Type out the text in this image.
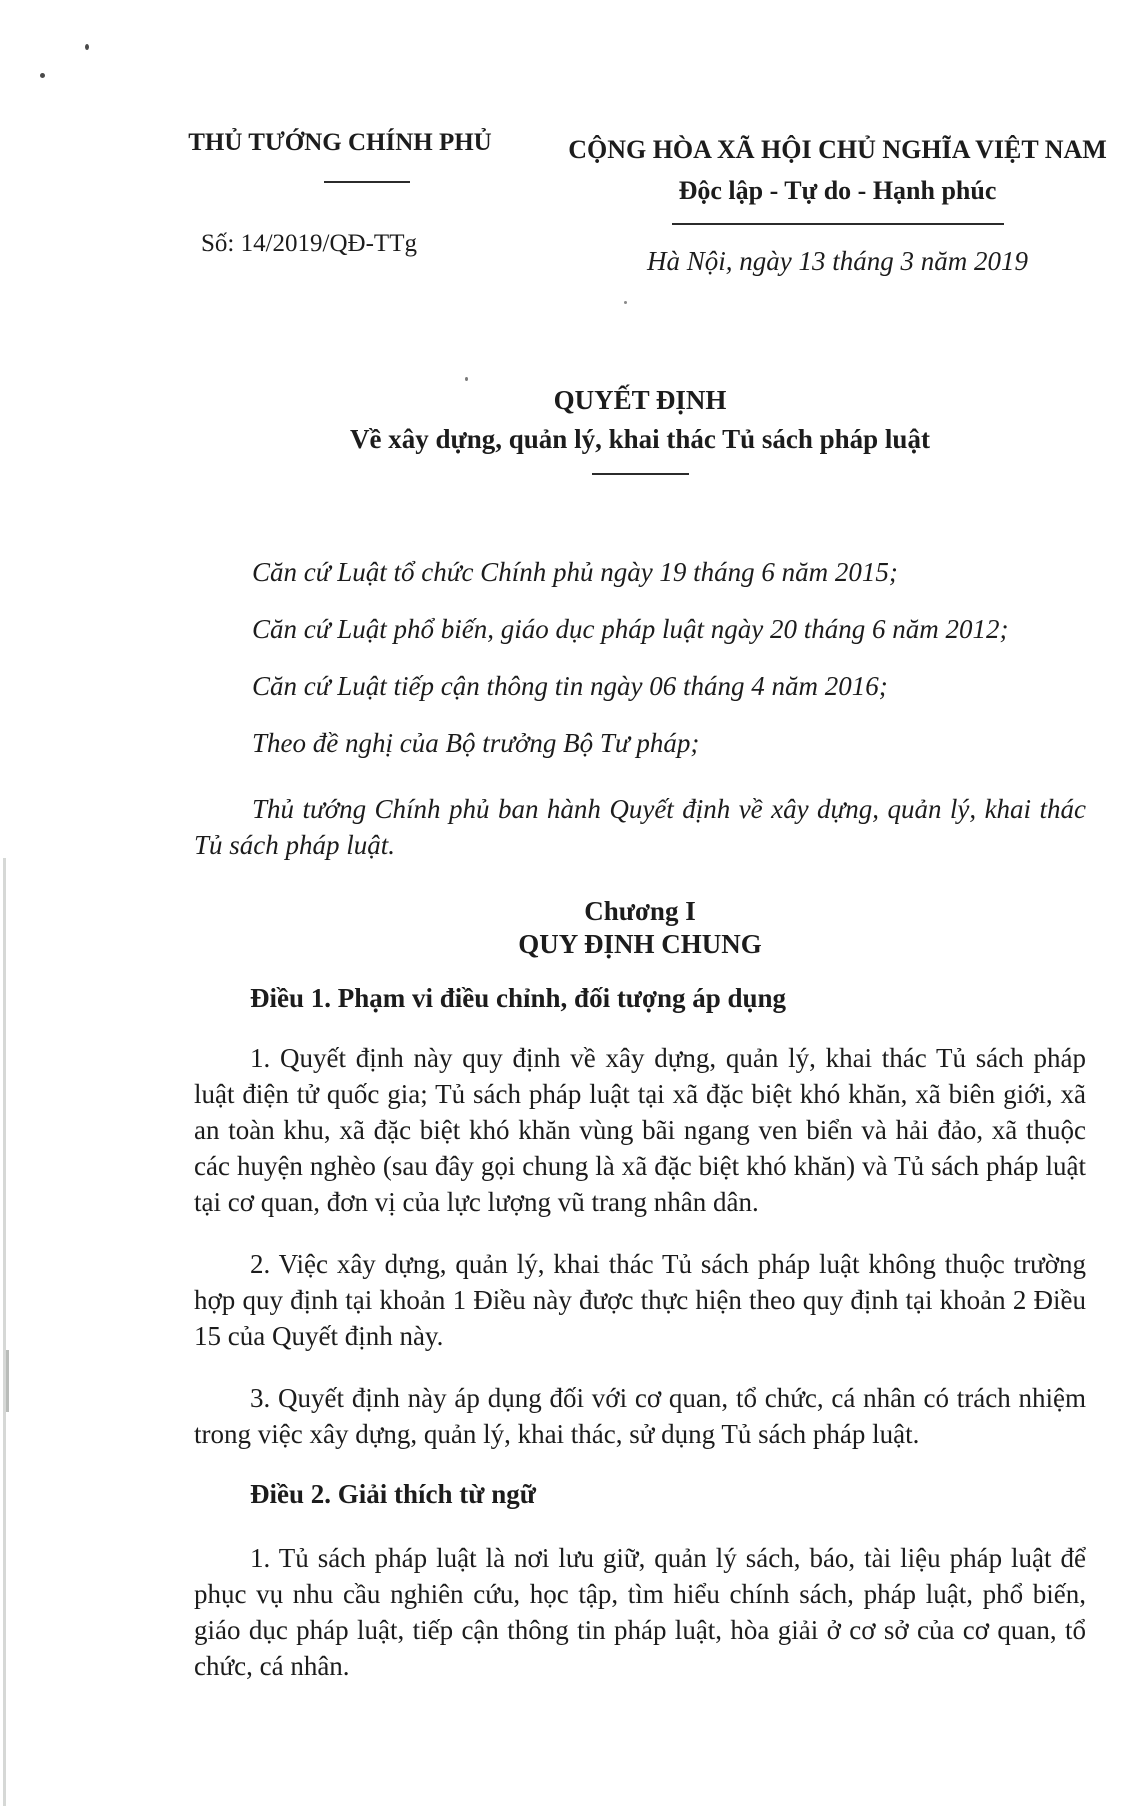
THỦ TƯỚNG CHÍNH PHỦ
Số: 14/2019/QĐ-TTg
CỘNG HÒA XÃ HỘI CHỦ NGHĨA VIỆT NAM
Độc lập - Tự do - Hạnh phúc
Hà Nội, ngày 13 tháng 3 năm 2019
QUYẾT ĐỊNH
Về xây dựng, quản lý, khai thác Tủ sách pháp luật

Căn cứ Luật tổ chức Chính phủ ngày 19 tháng 6 năm 2015;

Căn cứ Luật phổ biến, giáo dục pháp luật ngày 20 tháng 6 năm 2012;

Căn cứ Luật tiếp cận thông tin ngày 06 tháng 4 năm 2016;

Theo đề nghị của Bộ trưởng Bộ Tư pháp;

Thủ tướng Chính phủ ban hành Quyết định về xây dựng, quản lý, khai thác Tủ sách pháp luật.

Chương I
QUY ĐỊNH CHUNG
Điều 1. Phạm vi điều chỉnh, đối tượng áp dụng

1. Quyết định này quy định về xây dựng, quản lý, khai thác Tủ sách pháp luật điện tử quốc gia; Tủ sách pháp luật tại xã đặc biệt khó khăn, xã biên giới, xã an toàn khu, xã đặc biệt khó khăn vùng bãi ngang ven biển và hải đảo, xã thuộc các huyện nghèo (sau đây gọi chung là xã đặc biệt khó khăn) và Tủ sách pháp luật tại cơ quan, đơn vị của lực lượng vũ trang nhân dân.

2. Việc xây dựng, quản lý, khai thác Tủ sách pháp luật không thuộc trường hợp quy định tại khoản 1 Điều này được thực hiện theo quy định tại khoản 2 Điều 15 của Quyết định này.

3. Quyết định này áp dụng đối với cơ quan, tổ chức, cá nhân có trách nhiệm trong việc xây dựng, quản lý, khai thác, sử dụng Tủ sách pháp luật.

Điều 2. Giải thích từ ngữ

1. Tủ sách pháp luật là nơi lưu giữ, quản lý sách, báo, tài liệu pháp luật để phục vụ nhu cầu nghiên cứu, học tập, tìm hiểu chính sách, pháp luật, phổ biến, giáo dục pháp luật, tiếp cận thông tin pháp luật, hòa giải ở cơ sở của cơ quan, tổ chức, cá nhân.
